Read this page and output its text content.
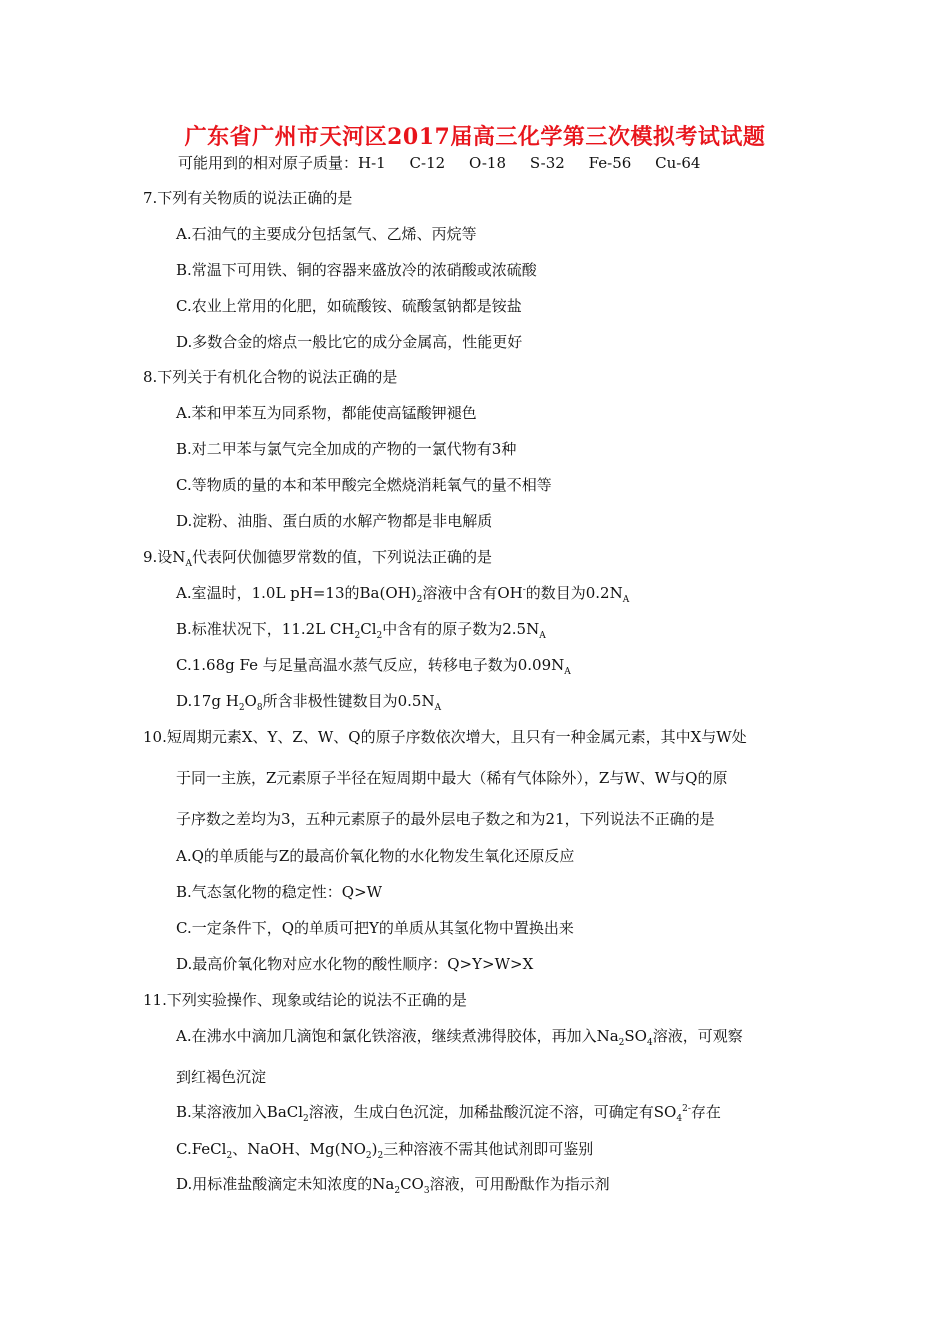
广东省广州市天河区2017届高三化学第三次模拟考试试题
可能用到的相对原子质量：H-1     C-12     O-18     S-32     Fe-56     Cu-64
7.下列有关物质的说法正确的是
A.石油气的主要成分包括氢气、乙烯、丙烷等
B.常温下可用铁、铜的容器来盛放冷的浓硝酸或浓硫酸
C.农业上常用的化肥，如硫酸铵、硫酸氢钠都是铵盐
D.多数合金的熔点一般比它的成分金属高，性能更好
8.下列关于有机化合物的说法正确的是
A.苯和甲苯互为同系物，都能使高锰酸钾褪色
B.对二甲苯与氯气完全加成的产物的一氯代物有3种
C.等物质的量的本和苯甲酸完全燃烧消耗氧气的量不相等
D.淀粉、油脂、蛋白质的水解产物都是非电解质
9.设$N_A$代表阿伏伽德罗常数的值，下列说法正确的是
A.室温时，1.0L pH=13的$Ba(OH)_2$溶液中含有OH-的数目为$0.2N_A$
B.标准状况下，11.2L $CH_2Cl_2$中含有的原子数为$2.5N_A$
C.1.68g Fe 与足量高温水蒸气反应，转移电子数为$0.09N_A$
D.17g $H_2O_8$所含非极性键数目为$0.5N_A$
10.短周期元素X、Y、Z、W、Q的原子序数依次增大，且只有一种金属元素，其中X与W处
于同一主族，Z元素原子半径在短周期中最大（稀有气体除外），Z与W、W与Q的原
子序数之差均为3，五种元素原子的最外层电子数之和为21，下列说法不正确的是
A.Q的单质能与Z的最高价氧化物的水化物发生氧化还原反应
B.气态氢化物的稳定性：Q>W
C.一定条件下，Q的单质可把Y的单质从其氢化物中置换出来
D.最高价氧化物对应水化物的酸性顺序：Q>Y>W>X
11.下列实验操作、现象或结论的说法不正确的是
A.在沸水中滴加几滴饱和氯化铁溶液，继续煮沸得胶体，再加入$Na_2SO_4$溶液，可观察
到红褐色沉淀
B.某溶液加入BaCl$_2$溶液，生成白色沉淀，加稀盐酸沉淀不溶，可确定有$SO_4^{2-}$存在
C.FeCl$_2$、NaOH、$Mg(NO_2)_2$三种溶液不需其他试剂即可鉴别
D.用标准盐酸滴定未知浓度的$Na_2CO_3$溶液，可用酚酞作为指示剂
